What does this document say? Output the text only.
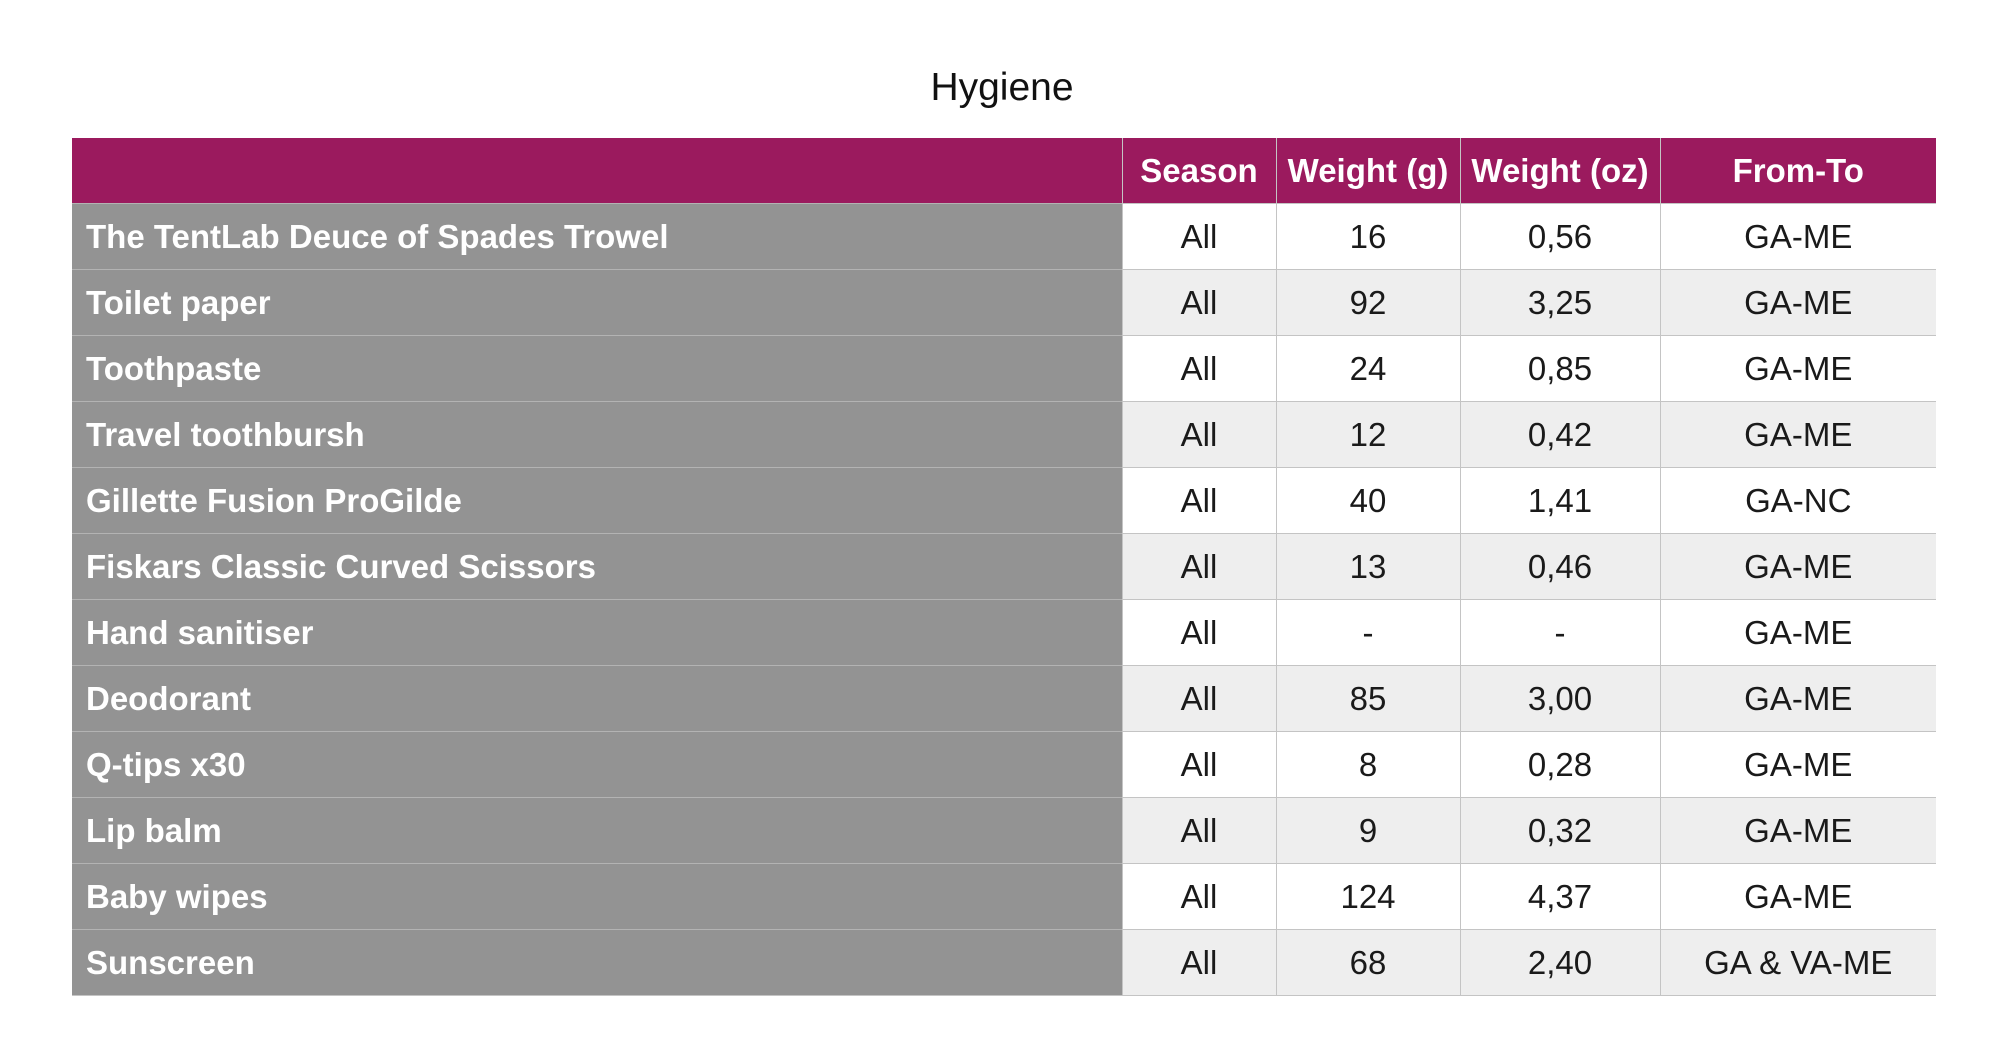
Hygiene
	Season	Weight (g)	Weight (oz)	From-To
The TentLab Deuce of Spades Trowel	All	16	0,56	GA-ME
Toilet paper	All	92	3,25	GA-ME
Toothpaste	All	24	0,85	GA-ME
Travel toothbursh	All	12	0,42	GA-ME
Gillette Fusion ProGilde	All	40	1,41	GA-NC
Fiskars Classic Curved Scissors	All	13	0,46	GA-ME
Hand sanitiser	All	-	-	GA-ME
Deodorant	All	85	3,00	GA-ME
Q-tips x30	All	8	0,28	GA-ME
Lip balm	All	9	0,32	GA-ME
Baby wipes	All	124	4,37	GA-ME
Sunscreen	All	68	2,40	GA & VA-ME
